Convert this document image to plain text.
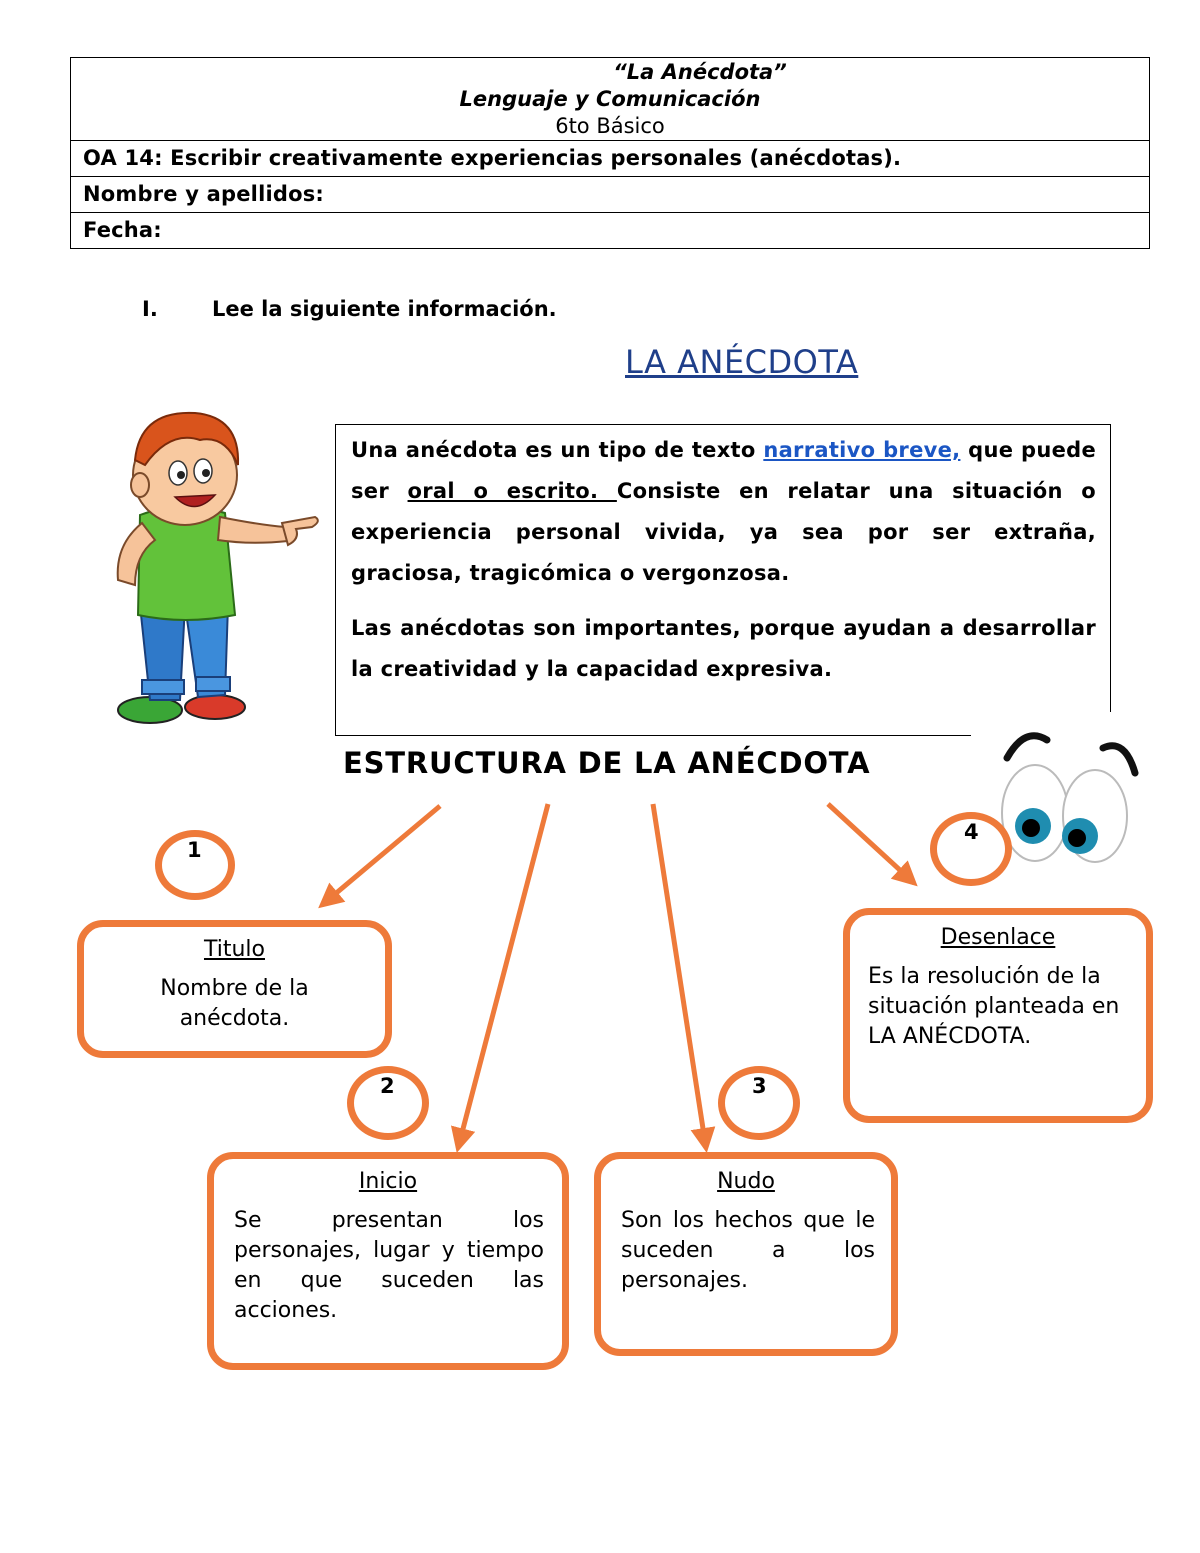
“La Anécdota”
Lenguaje y Comunicación
6to Básico
OA 14: Escribir creativamente experiencias personales (anécdotas).
Nombre y apellidos:
Fecha:
I.	Lee la siguiente información.
LA ANÉCDOTA

Una anécdota es un tipo de texto narrativo breve, que puede ser oral o escrito. Consiste en relatar una situación o experiencia personal vivida, ya sea por ser extraña, graciosa, tragicómica o vergonzosa.

Las anécdotas son importantes, porque ayudan a desarrollar la creatividad y la capacidad expresiva.

ESTRUCTURA DE LA ANÉCDOTA
1
2	3
4
Titulo
Nombre de la anécdota.
Desenlace
Es la resolución de la situación planteada en LA ANÉCDOTA.
Inicio
Se presentan los personajes, lugar y tiempo en que suceden las acciones.
Nudo
Son los hechos que le suceden a los personajes.
